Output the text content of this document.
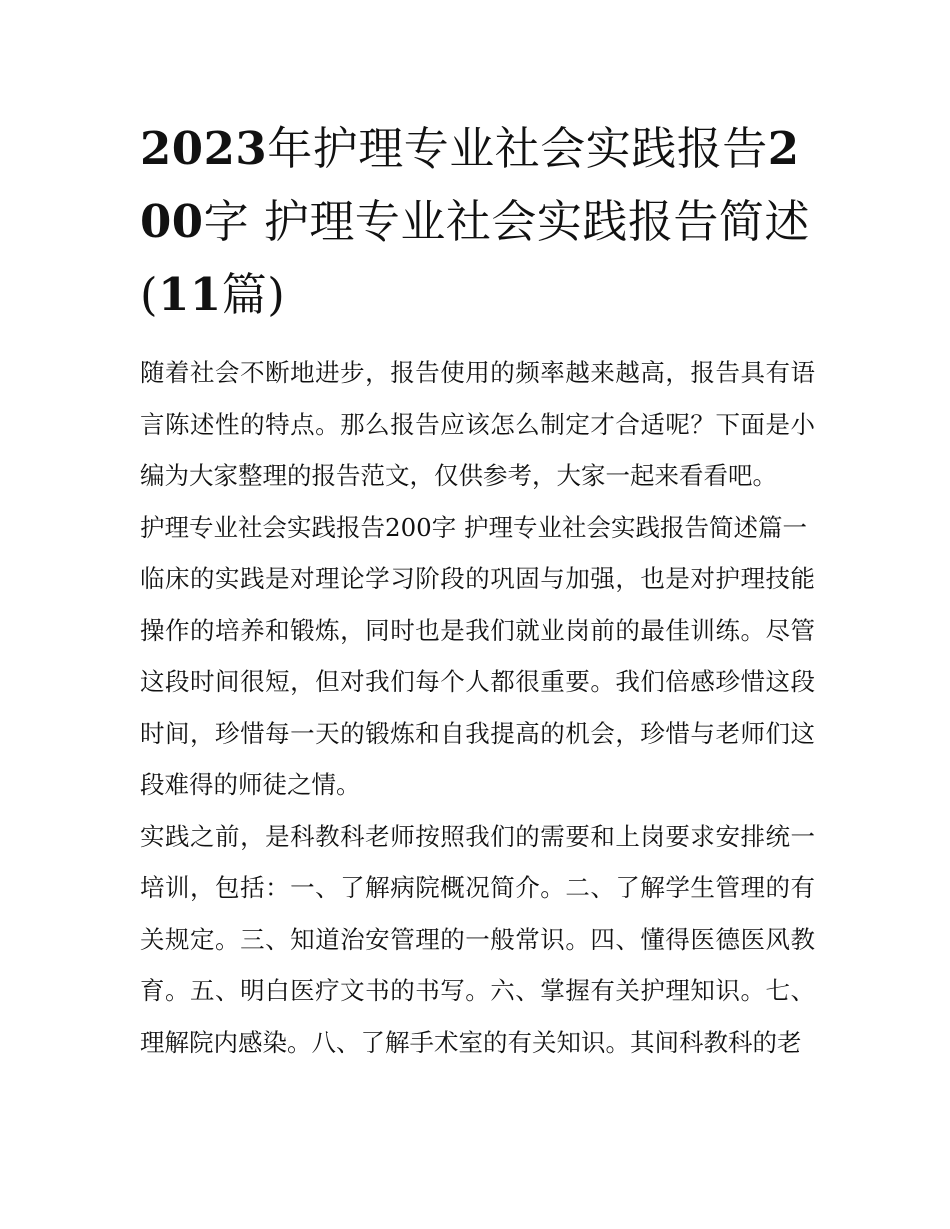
2023年护理专业社会实践报告200字 护理专业社会实践报告简述(11篇)

随着社会不断地进步，报告使用的频率越来越高，报告具有语言陈述性的特点。那么报告应该怎么制定才合适呢？下面是小编为大家整理的报告范文，仅供参考，大家一起来看看吧。

护理专业社会实践报告200字 护理专业社会实践报告简述篇一

临床的实践是对理论学习阶段的巩固与加强，也是对护理技能操作的培养和锻炼，同时也是我们就业岗前的最佳训练。尽管这段时间很短，但对我们每个人都很重要。我们倍感珍惜这段时间，珍惜每一天的锻炼和自我提高的机会，珍惜与老师们这段难得的师徒之情。

实践之前，是科教科老师按照我们的需要和上岗要求安排统一培训，包括：一、了解病院概况简介。二、了解学生管理的有关规定。三、知道治安管理的一般常识。四、懂得医德医风教育。五、明白医疗文书的书写。六、掌握有关护理知识。七、理解院内感染。八、了解手术室的有关知识。其间科教科的老
